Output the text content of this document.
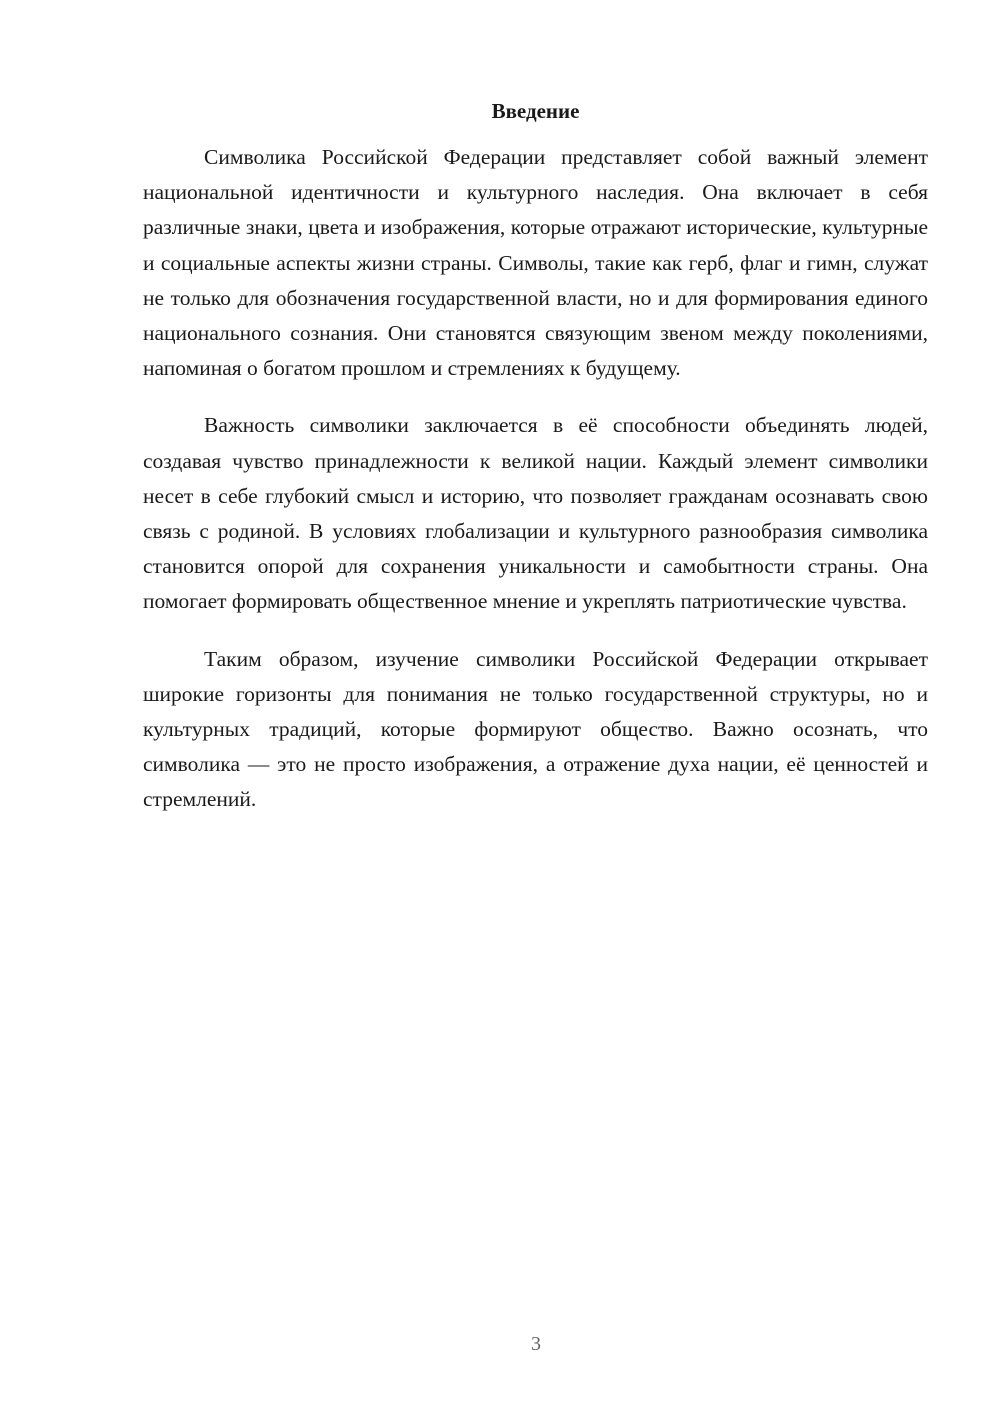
Введение

Символика Российской Федерации представляет собой важный элемент национальной идентичности и культурного наследия. Она включает в себя различные знаки, цвета и изображения, которые отражают исторические, культурные и социальные аспекты жизни страны. Символы, такие как герб, флаг и гимн, служат не только для обозначения государственной власти, но и для формирования единого национального сознания. Они становятся связующим звеном между поколениями, напоминая о богатом прошлом и стремлениях к будущему.

Важность символики заключается в её способности объединять людей, создавая чувство принадлежности к великой нации. Каждый элемент символики несет в себе глубокий смысл и историю, что позволяет гражданам осознавать свою связь с родиной. В условиях глобализации и культурного разнообразия символика становится опорой для сохранения уникальности и самобытности страны. Она помогает формировать общественное мнение и укреплять патриотические чувства.

Таким образом, изучение символики Российской Федерации открывает широкие горизонты для понимания не только государственной структуры, но и культурных традиций, которые формируют общество. Важно осознать, что символика — это не просто изображения, а отражение духа нации, её ценностей и стремлений.

3
